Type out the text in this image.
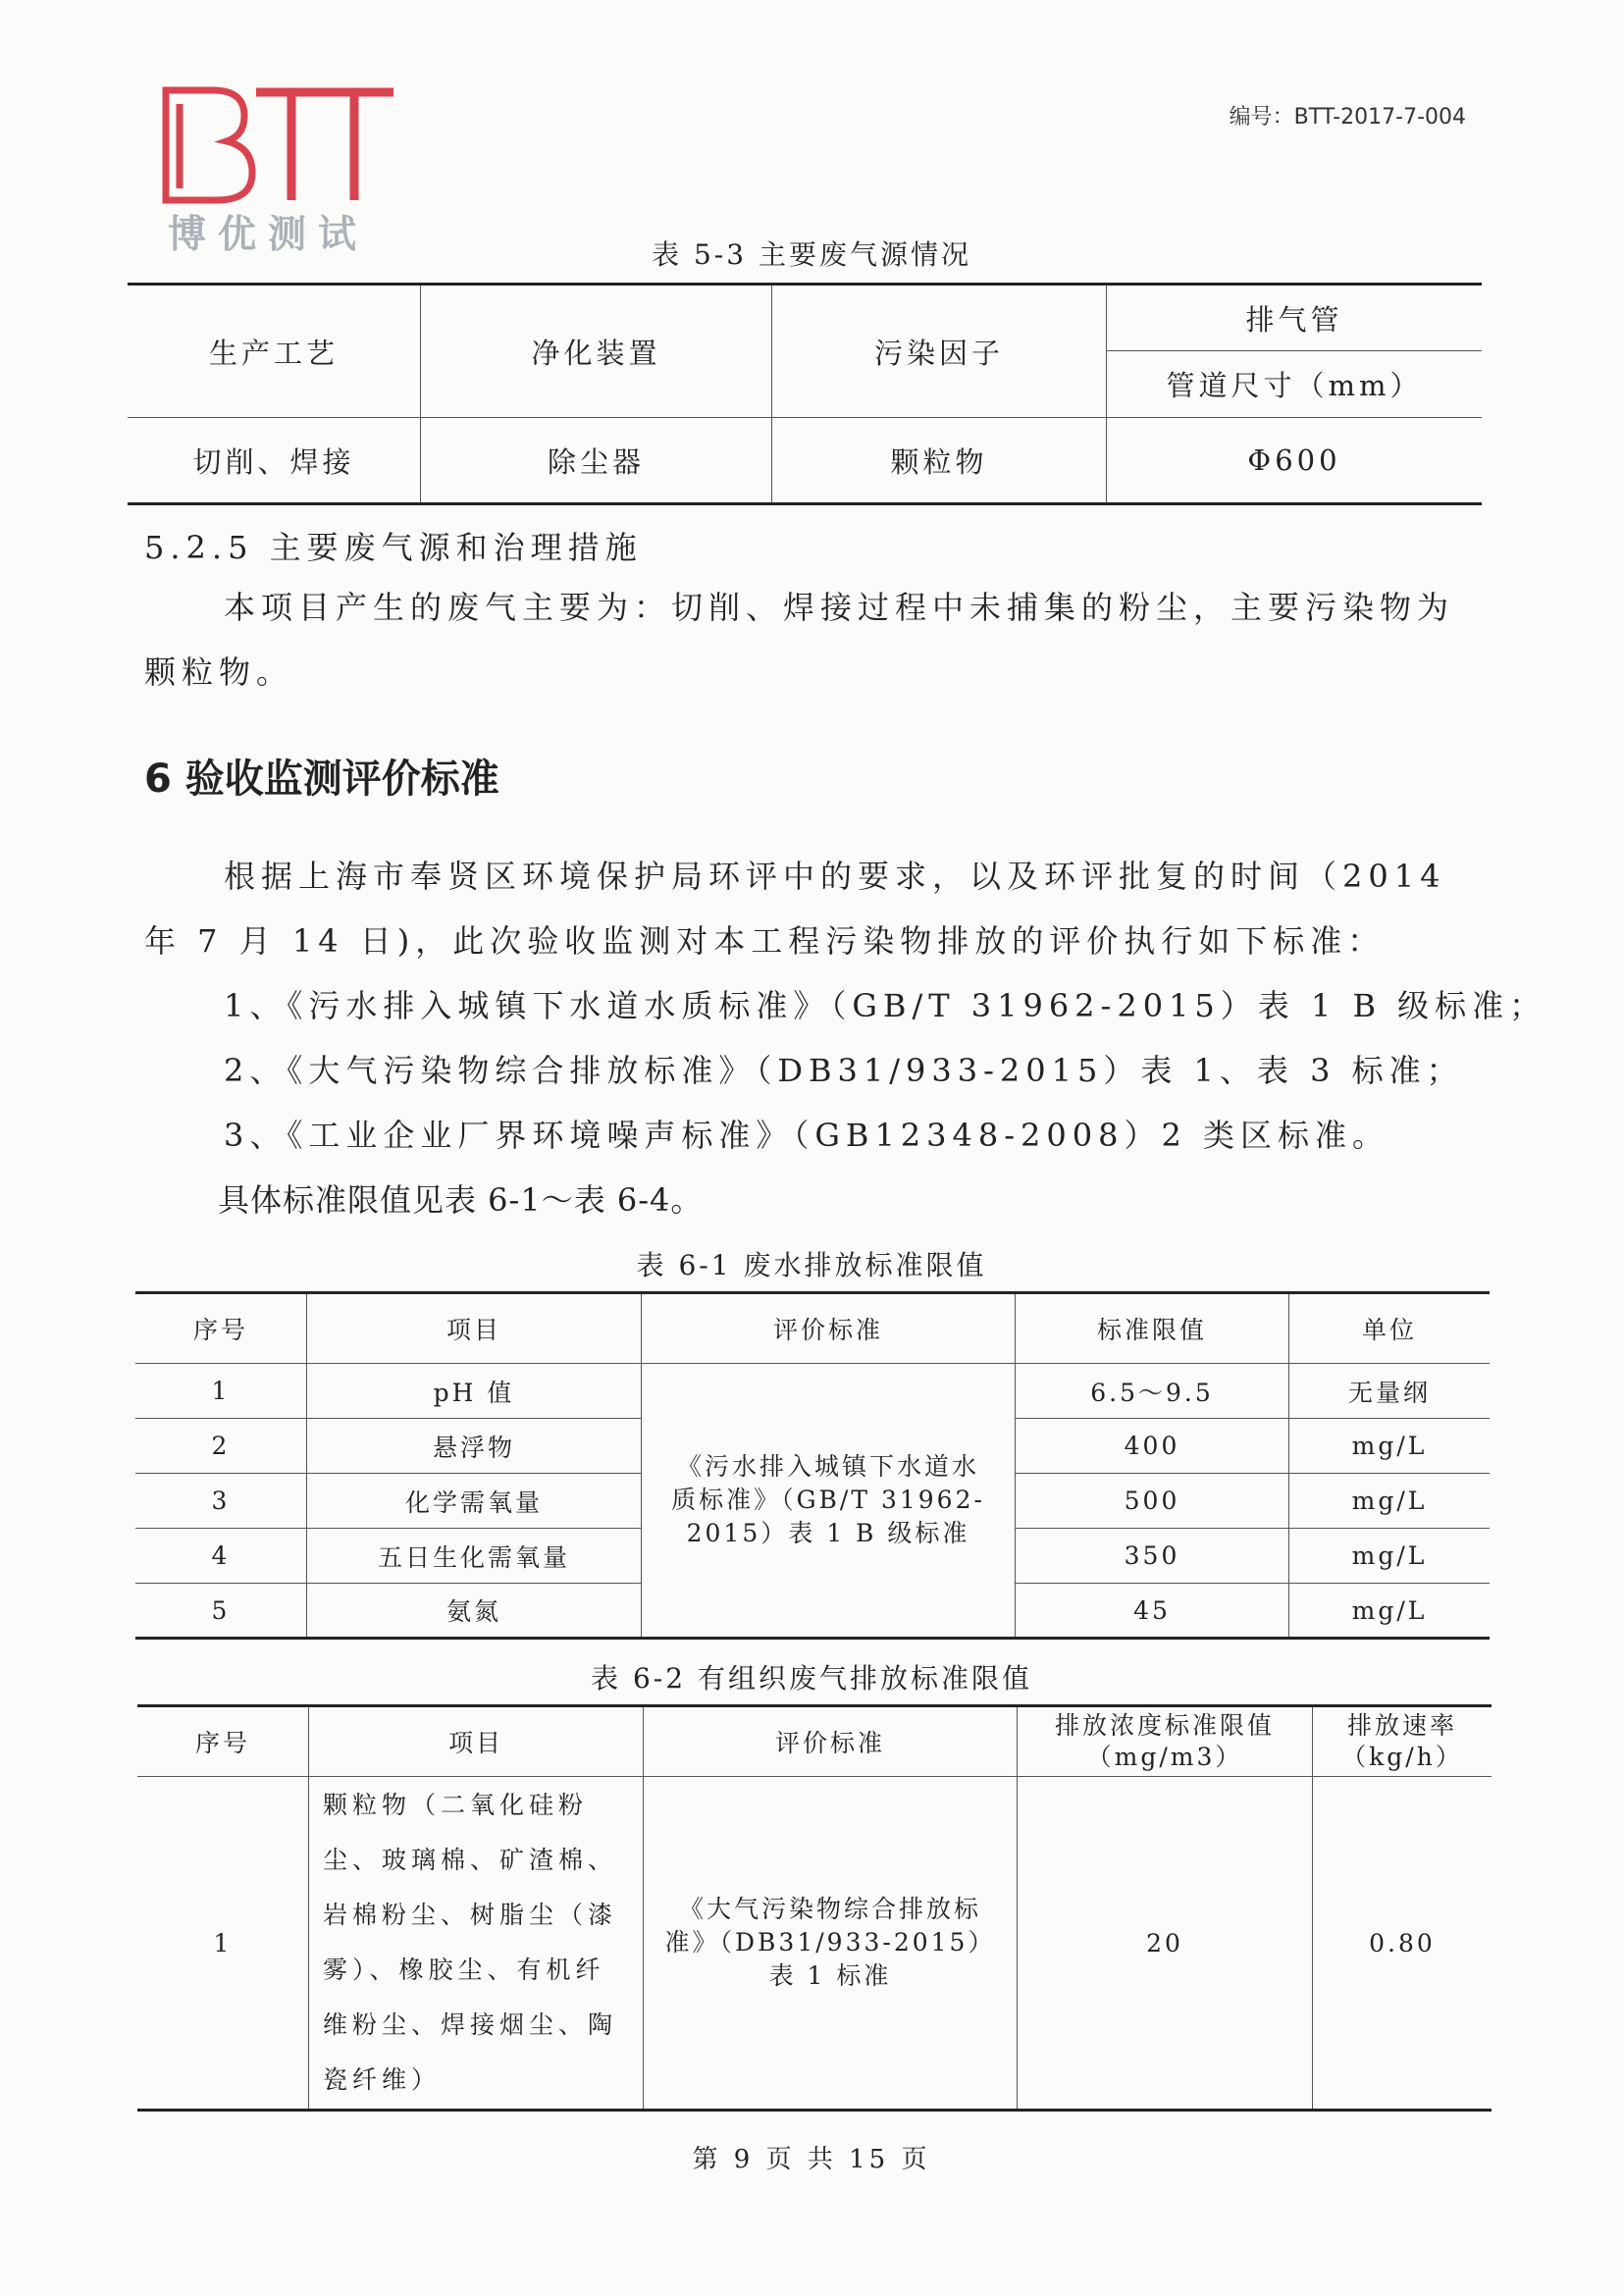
博优测试
编号：BTT-2017-7-004
表 5-3 主要废气源情况
生产工艺	净化装置	污染因子	排气管
			管道尺寸（mm）
切削、焊接	除尘器	颗粒物	Φ600
5.2.5 主要废气源和治理措施
本项目产生的废气主要为：切削、焊接过程中未捕集的粉尘，主要污染物为
颗粒物。
6 验收监测评价标准
根据上海市奉贤区环境保护局环评中的要求，以及环评批复的时间（2014
年 7 月 14 日)，此次验收监测对本工程污染物排放的评价执行如下标准：
1、《污水排入城镇下水道水质标准》（GB/T 31962-2015）表 1 B 级标准；
2、《大气污染物综合排放标准》（DB31/933-2015）表 1、表 3 标准；
3、《工业企业厂界环境噪声标准》（GB12348-2008）2 类区标准。
具体标准限值见表 6-1～表 6-4。
表 6-1 废水排放标准限值
序号	项目	评价标准	标准限值	单位
1	pH 值	《污水排入城镇下水道水质标准》（GB/T 31962-2015）表 1 B 级标准	6.5～9.5	无量纲
2	悬浮物		400	mg/L
3	化学需氧量		500	mg/L
4	五日生化需氧量		350	mg/L
5	氨氮		45	mg/L
表 6-2 有组织废气排放标准限值
序号	项目	评价标准	排放浓度标准限值（mg/m3）	排放速率（kg/h）
1	颗粒物（二氧化硅粉尘、玻璃棉、矿渣棉、岩棉粉尘、树脂尘（漆雾）、橡胶尘、有机纤维粉尘、焊接烟尘、陶瓷纤维）	《大气污染物综合排放标准》（DB31/933-2015）表 1 标准	20	0.80
第 9 页 共 15 页
